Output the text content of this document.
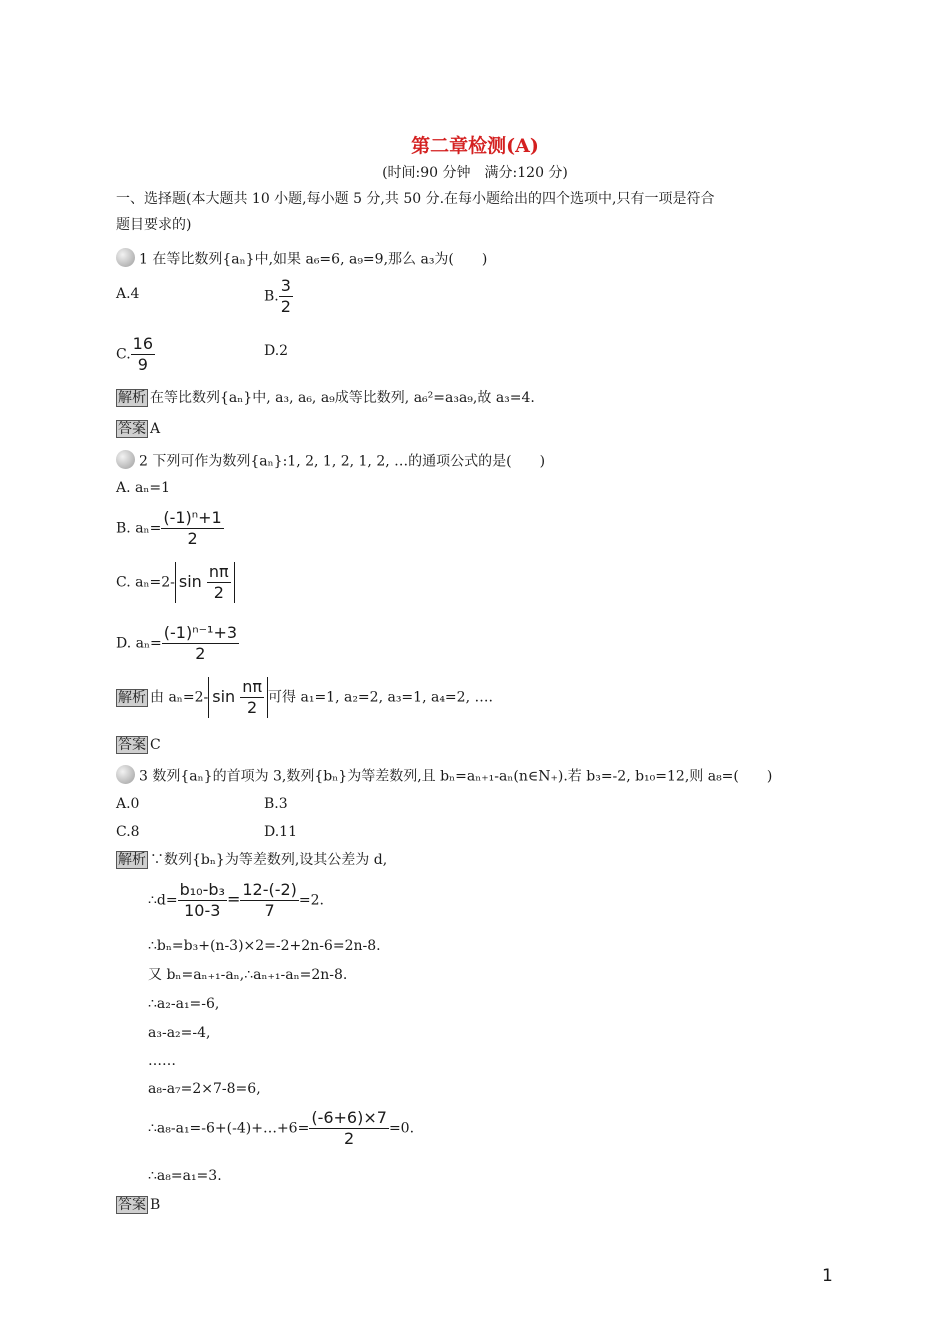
第二章检测(A)
(时间:90 分钟　满分:120 分)
一、选择题(本大题共 10 小题,每小题 5 分,共 50 分.在每小题给出的四个选项中,只有一项是符合
题目要求的)
1 在等比数列{aₙ}中,如果 a₆=6, a₉=9,那么 a₃为(　　)
A.4	B. $\frac{3}{2}$
C. $\frac{16}{9}$	D.2
解析 在等比数列{aₙ}中, a₃, a₆, a₉成等比数列, a₆²=a₃a₉,故 a₃=4.
答案 A
2 下列可作为数列{aₙ}:1, 2, 1, 2, 1, 2, …的通项公式的是(　　)
A. aₙ=1
B. $a_n= \frac{\text{(-1)ⁿ+1}}{2}$
C. aₙ=2- $\sin \frac{n\pi}{2}$
D. $a_n= \frac{\text{(-1)ⁿ⁻¹+3}}{2}$
解析 由 aₙ=2- $\sin \frac{n\pi}{2}$ 可得 a₁=1, a₂=2, a₃=1, a₄=2, ….
答案 C
3 数列{aₙ}的首项为 3,数列{bₙ}为等差数列,且 bₙ=aₙ₊₁-aₙ(n∈N₊).若 b₃=-2, b₁₀=12,则 a₈=(　　)
A.0	B.3
C.8	D.11
解析 ∵数列{bₙ}为等差数列,设其公差为 d,
∴d= $\frac{\text{b₁₀-b₃}}{10-3} = \frac{12-(-2)}{7} =2$.
∴bₙ=b₃+(n-3)×2=-2+2n-6=2n-8.
又 bₙ=aₙ₊₁-aₙ,∴aₙ₊₁-aₙ=2n-8.
∴a₂-a₁=-6,
a₃-a₂=-4,
……
a₈-a₇=2×7-8=6,
∴a₈-a₁=-6+(-4)+…+6= $\frac{(-6+6)\times 7}{2} =0$.
∴a₈=a₁=3.
答案 B
1
